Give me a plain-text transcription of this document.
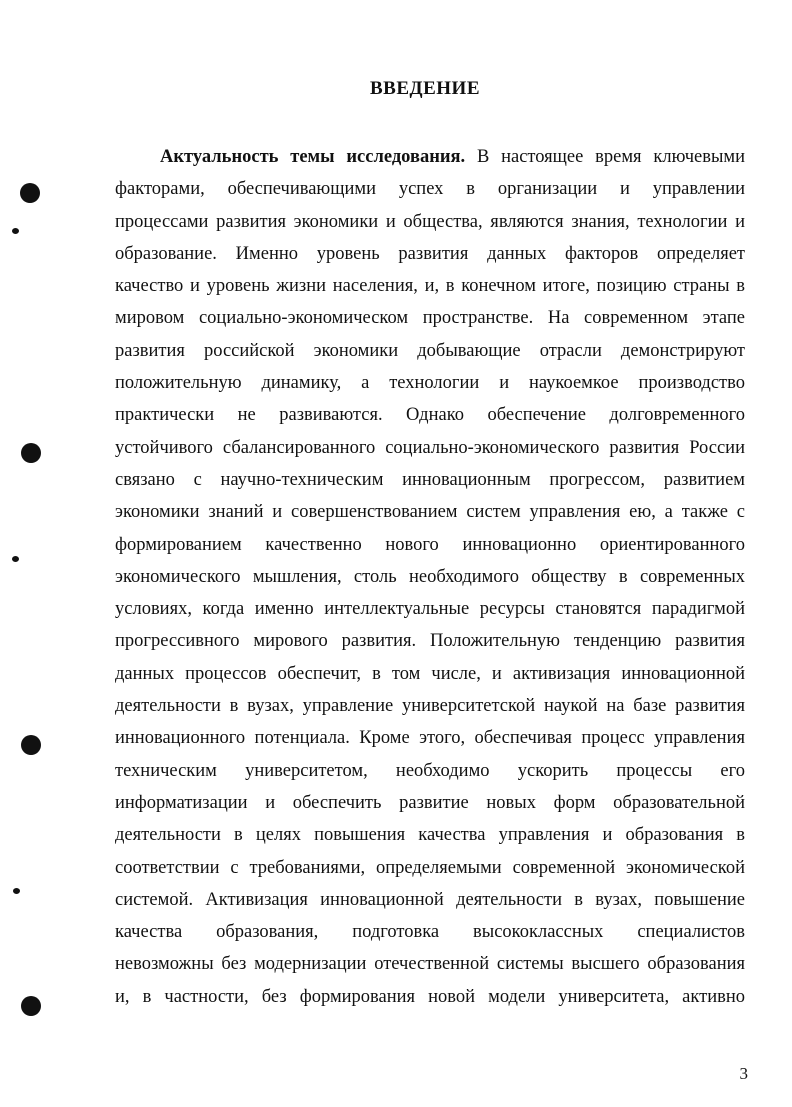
ВВЕДЕНИЕ
Актуальность темы исследования. В настоящее время ключевыми
факторами, обеспечивающими успех в организации и управлении
процессами развития экономики и общества, являются знания, технологии и
образование. Именно уровень развития данных факторов определяет
качество и уровень жизни населения, и, в конечном итоге, позицию страны в
мировом социально-экономическом пространстве. На современном этапе
развития российской экономики добывающие отрасли демонстрируют
положительную динамику, а технологии и наукоемкое производство
практически не развиваются. Однако обеспечение долговременного
устойчивого сбалансированного социально-экономического развития России
связано с научно-техническим инновационным прогрессом, развитием
экономики знаний и совершенствованием систем управления ею, а также с
формированием качественно нового инновационно ориентированного
экономического мышления, столь необходимого обществу в современных
условиях, когда именно интеллектуальные ресурсы становятся парадигмой
прогрессивного мирового развития. Положительную тенденцию развития
данных процессов обеспечит, в том числе, и активизация инновационной
деятельности в вузах, управление университетской наукой на базе развития
инновационного потенциала. Кроме этого, обеспечивая процесс управления
техническим университетом, необходимо ускорить процессы его
информатизации и обеспечить развитие новых форм образовательной
деятельности в целях повышения качества управления и образования в
соответствии с требованиями, определяемыми современной экономической
системой. Активизация инновационной деятельности в вузах, повышение
качества образования, подготовка высококлассных специалистов
невозможны без модернизации отечественной системы высшего образования
и, в частности, без формирования новой модели университета, активно
3
